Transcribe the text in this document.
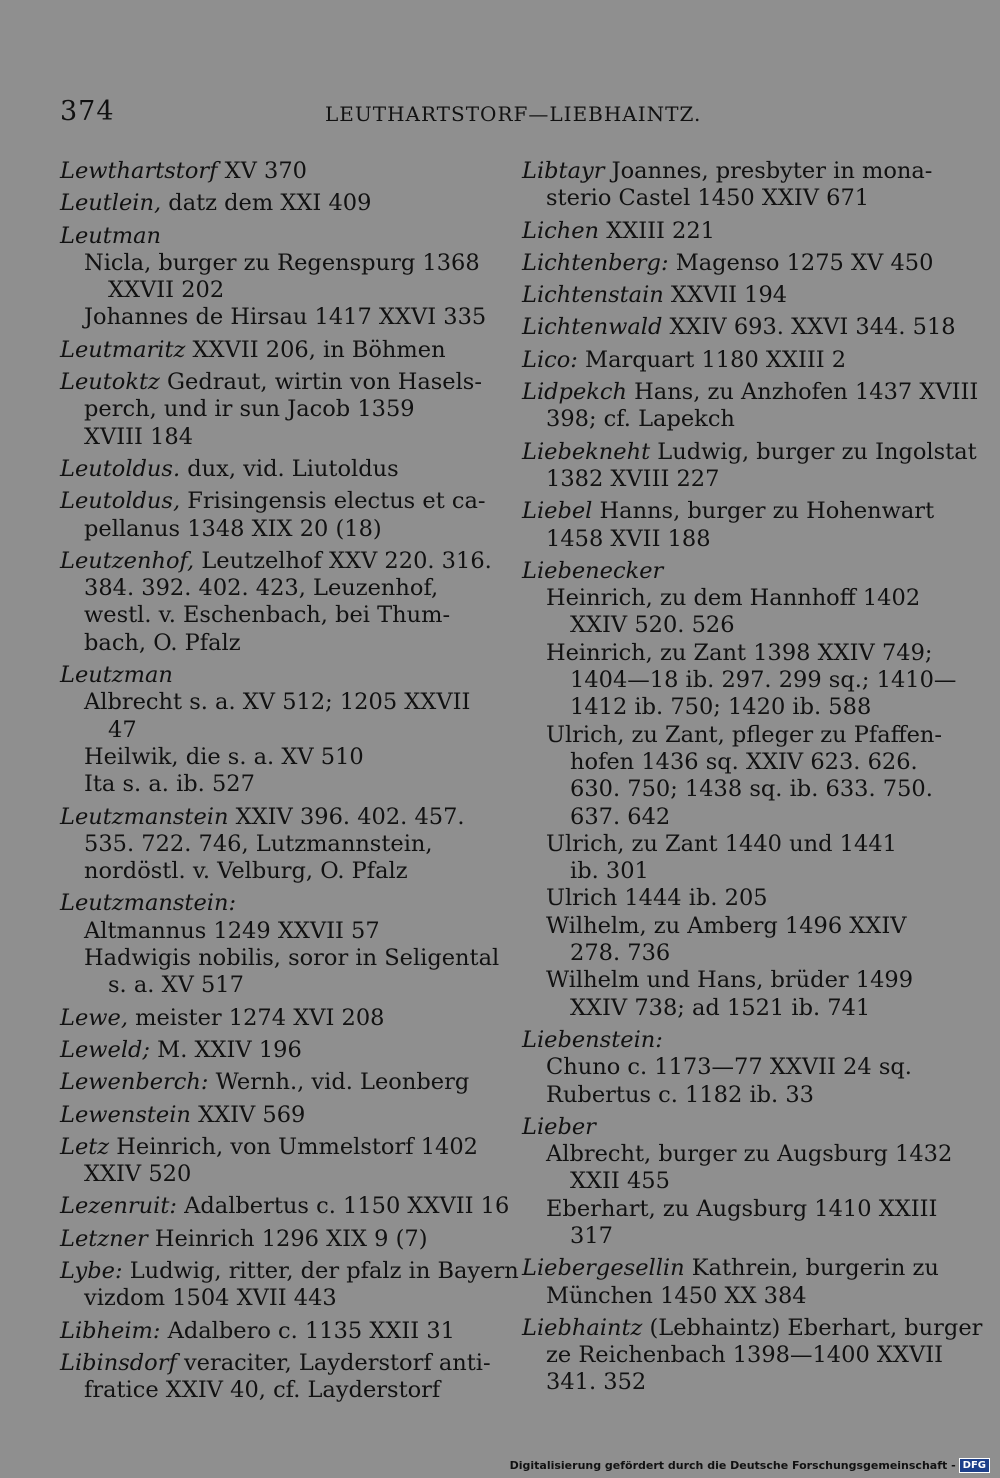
374	LEUTHARTSTORF—LIEBHAINTZ.
Lewthartstorf XV 370
Leutlein, datz dem XXI 409
Leutman
Nicla, burger zu Regenspurg 1368
XXVII 202
Johannes de Hirsau 1417 XXVI 335
Leutmaritz XXVII 206, in Böhmen
Leutoktz Gedraut, wirtin von Hasels-
perch, und ir sun Jacob 1359
XVIII 184
Leutoldus. dux, vid. Liutoldus
Leutoldus, Frisingensis electus et ca-
pellanus 1348 XIX 20 (18)
Leutzenhof, Leutzelhof XXV 220. 316.
384. 392. 402. 423, Leuzenhof,
westl. v. Eschenbach, bei Thum-
bach, O. Pfalz
Leutzman
Albrecht s. a. XV 512; 1205 XXVII
47
Heilwik, die s. a. XV 510
Ita s. a. ib. 527
Leutzmanstein XXIV 396. 402. 457.
535. 722. 746, Lutzmannstein,
nordöstl. v. Velburg, O. Pfalz
Leutzmanstein:
Altmannus 1249 XXVII 57
Hadwigis nobilis, soror in Seligental
s. a. XV 517
Lewe, meister 1274 XVI 208
Leweld; M. XXIV 196
Lewenberch: Wernh., vid. Leonberg
Lewenstein XXIV 569
Letz Heinrich, von Ummelstorf 1402
XXIV 520
Lezenruit: Adalbertus c. 1150 XXVII 16
Letzner Heinrich 1296 XIX 9 (7)
Lybe: Ludwig, ritter, der pfalz in Bayern
vizdom 1504 XVII 443
Libheim: Adalbero c. 1135 XXII 31
Libinsdorf veraciter, Layderstorf anti-
fratice XXIV 40, cf. Layderstorf
Libtayr Joannes, presbyter in mona-
sterio Castel 1450 XXIV 671
Lichen XXIII 221
Lichtenberg: Magenso 1275 XV 450
Lichtenstain XXVII 194
Lichtenwald XXIV 693. XXVI 344. 518
Lico: Marquart 1180 XXIII 2
Lidpekch Hans, zu Anzhofen 1437 XVIII
398; cf. Lapekch
Liebekneht Ludwig, burger zu Ingolstat
1382 XVIII 227
Liebel Hanns, burger zu Hohenwart
1458 XVII 188
Liebenecker
Heinrich, zu dem Hannhoff 1402
XXIV 520. 526
Heinrich, zu Zant 1398 XXIV 749;
1404—18 ib. 297. 299 sq.; 1410—
1412 ib. 750; 1420 ib. 588
Ulrich, zu Zant, pfleger zu Pfaffen-
hofen 1436 sq. XXIV 623. 626.
630. 750; 1438 sq. ib. 633. 750.
637. 642
Ulrich, zu Zant 1440 und 1441
ib. 301
Ulrich 1444 ib. 205
Wilhelm, zu Amberg 1496 XXIV
278. 736
Wilhelm und Hans, brüder 1499
XXIV 738; ad 1521 ib. 741
Liebenstein:
Chuno c. 1173—77 XXVII 24 sq.
Rubertus c. 1182 ib. 33
Lieber
Albrecht, burger zu Augsburg 1432
XXII 455
Eberhart, zu Augsburg 1410 XXIII
317
Liebergesellin Kathrein, burgerin zu
München 1450 XX 384
Liebhaintz (Lebhaintz) Eberhart, burger
ze Reichenbach 1398—1400 XXVII
341. 352
Digitalisierung gefördert durch die Deutsche Forschungsgemeinschaft - DFG
